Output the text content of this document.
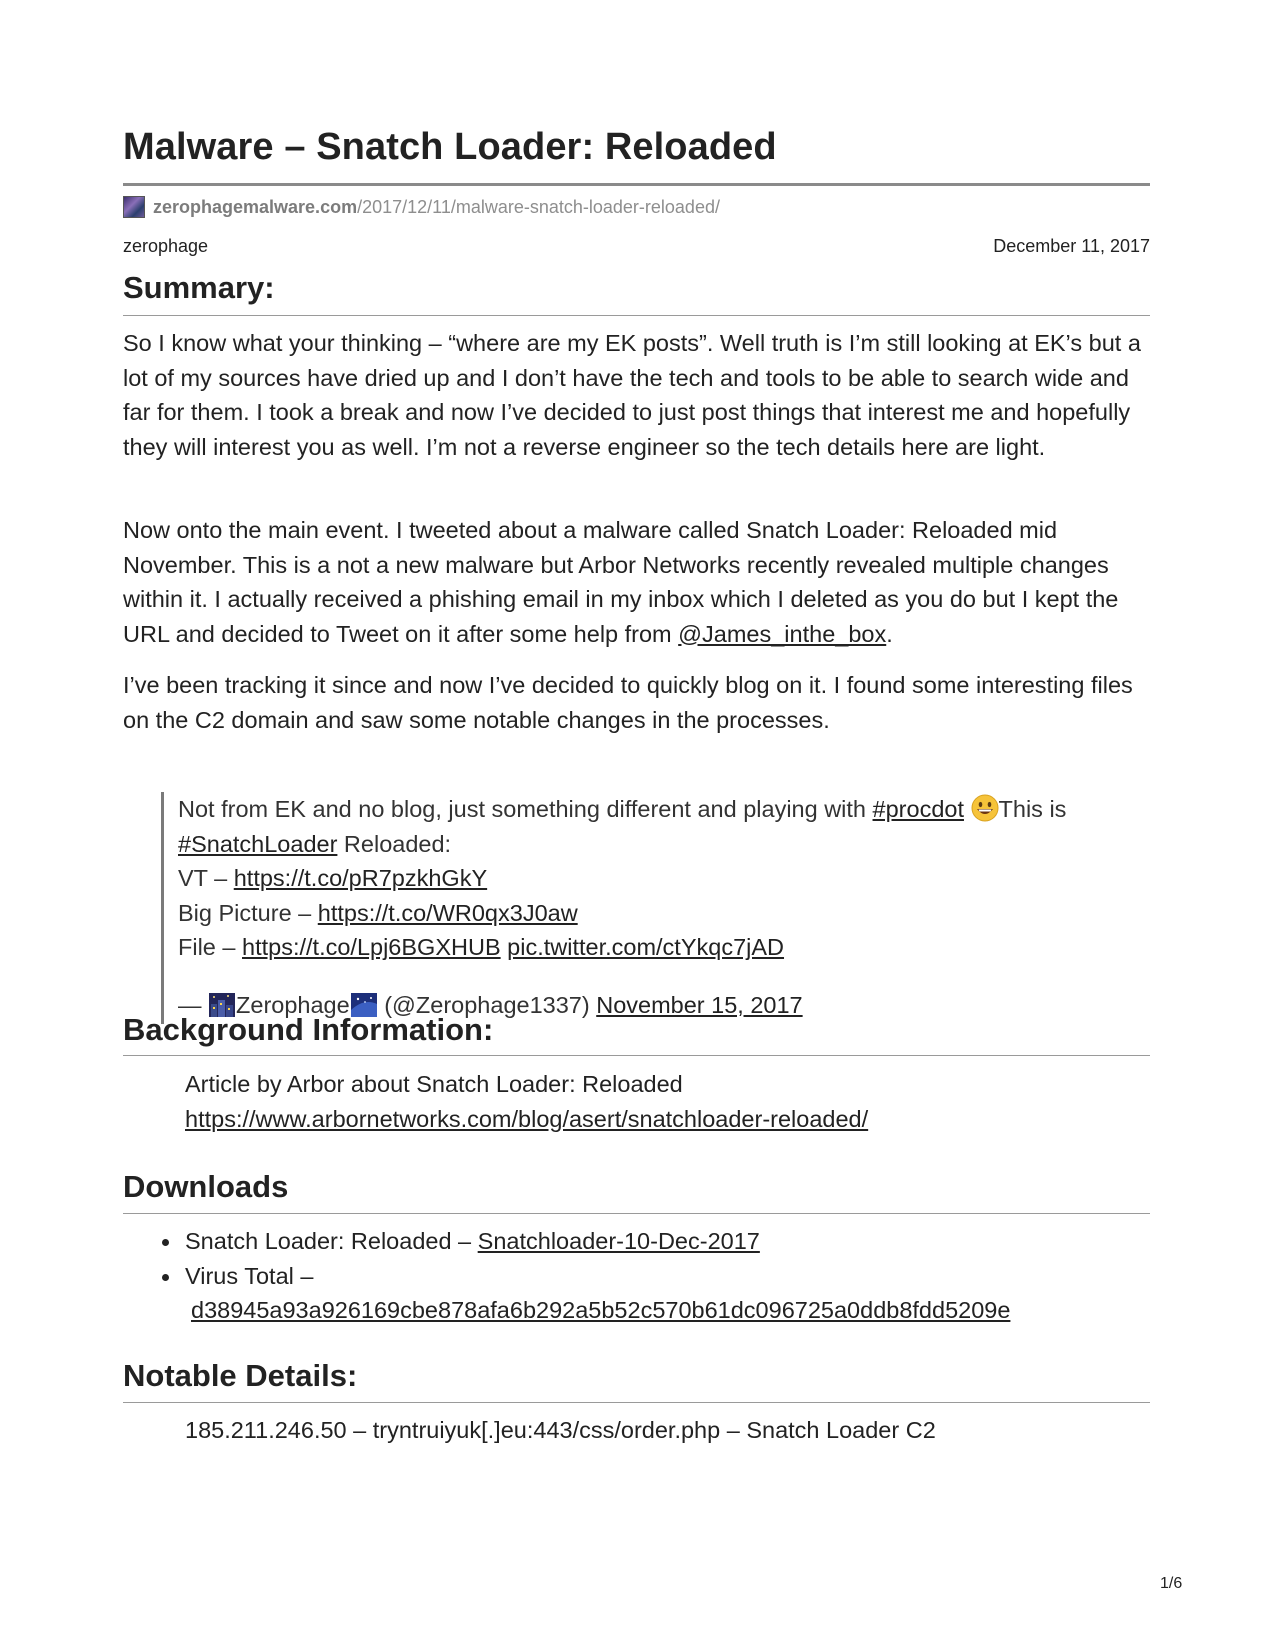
Malware – Snatch Loader: Reloaded
zerophagemalware.com /2017/12/11/malware-snatch-loader-reloaded/
zerophage	December 11, 2017
Summary:

So I know what your thinking – “where are my EK posts”. Well truth is I’m still looking at EK’s but a lot of my sources have dried up and I don’t have the tech and tools to be able to search wide and far for them. I took a break and now I’ve decided to just post things that interest me and hopefully they will interest you as well. I’m not a reverse engineer so the tech details here are light.

Now onto the main event. I tweeted about a malware called Snatch Loader: Reloaded mid November. This is a not a new malware but Arbor Networks recently revealed multiple changes within it. I actually received a phishing email in my inbox which I deleted as you do but I kept the URL and decided to Tweet on it after some help from @James_inthe_box.

I’ve been tracking it since and now I’ve decided to quickly blog on it. I found some interesting files on the C2 domain and saw some notable changes in the processes.

Not from EK and no blog, just something different and playing with #procdot This is
#SnatchLoader Reloaded:
VT – https://t.co/pR7pzkhGkY
Big Picture – https://t.co/WR0qx3J0aw
File – https://t.co/Lpj6BGXHUB pic.twitter.com/ctYkqc7jAD

— Zerophage (@Zerophage1337) November 15, 2017

Background Information:
Article by Arbor about Snatch Loader: Reloaded
https://www.arbornetworks.com/blog/asert/snatchloader-reloaded/
Downloads
Snatch Loader: Reloaded – Snatchloader-10-Dec-2017
Virus Total –
d38945a93a926169cbe878afa6b292a5b52c570b61dc096725a0ddb8fdd5209e
Notable Details:
185.211.246.50 – tryntruiyuk[.]eu:443/css/order.php – Snatch Loader C2
1/6
